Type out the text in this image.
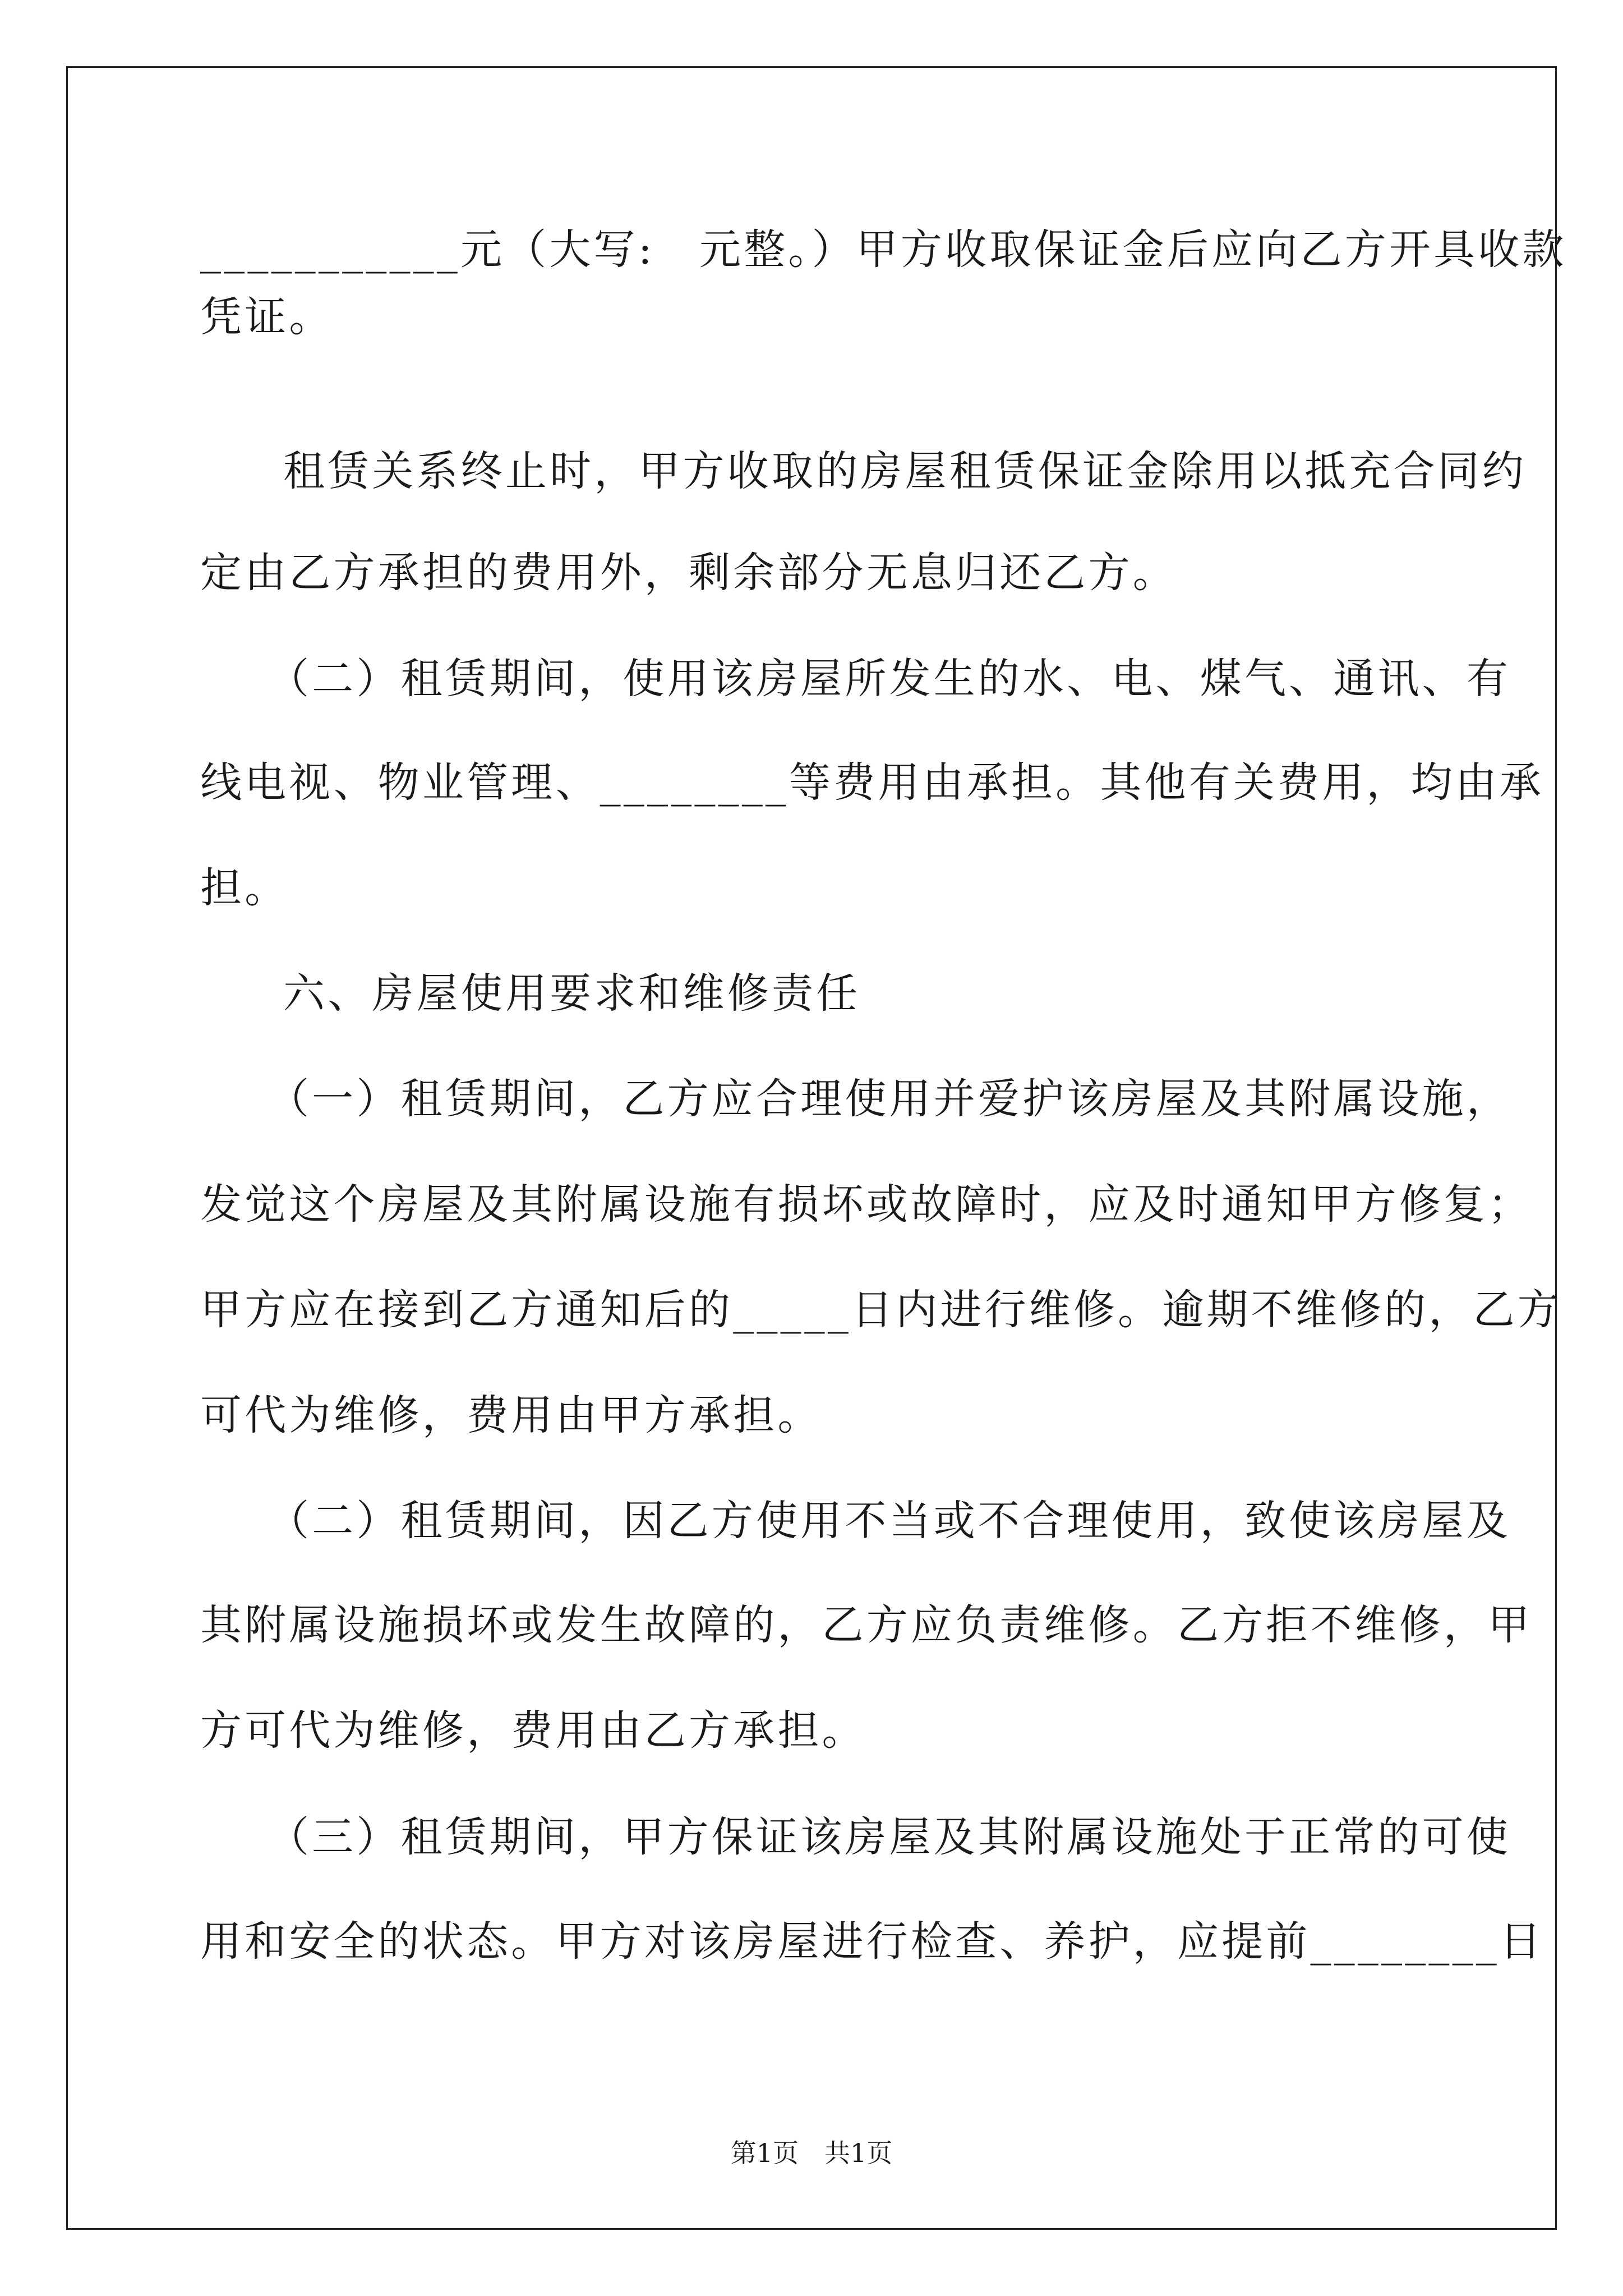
___________元（大写:　元整。）甲方收取保证金后应向乙方开具收款
凭证。
租赁关系终止时，甲方收取的房屋租赁保证金除用以抵充合同约
定由乙方承担的费用外，剩余部分无息归还乙方。
（二）租赁期间，使用该房屋所发生的水、电、煤气、通讯、有
线电视、物业管理、________等费用由承担。其他有关费用，均由承
担。
六、房屋使用要求和维修责任
（一）租赁期间，乙方应合理使用并爱护该房屋及其附属设施，
发觉这个房屋及其附属设施有损坏或故障时，应及时通知甲方修复；
甲方应在接到乙方通知后的_____日内进行维修。逾期不维修的，乙方
可代为维修，费用由甲方承担。
（二）租赁期间，因乙方使用不当或不合理使用，致使该房屋及
其附属设施损坏或发生故障的，乙方应负责维修。乙方拒不维修，甲
方可代为维修，费用由乙方承担。
（三）租赁期间，甲方保证该房屋及其附属设施处于正常的可使
用和安全的状态。甲方对该房屋进行检查、养护，应提前________日
第1页　共1页
